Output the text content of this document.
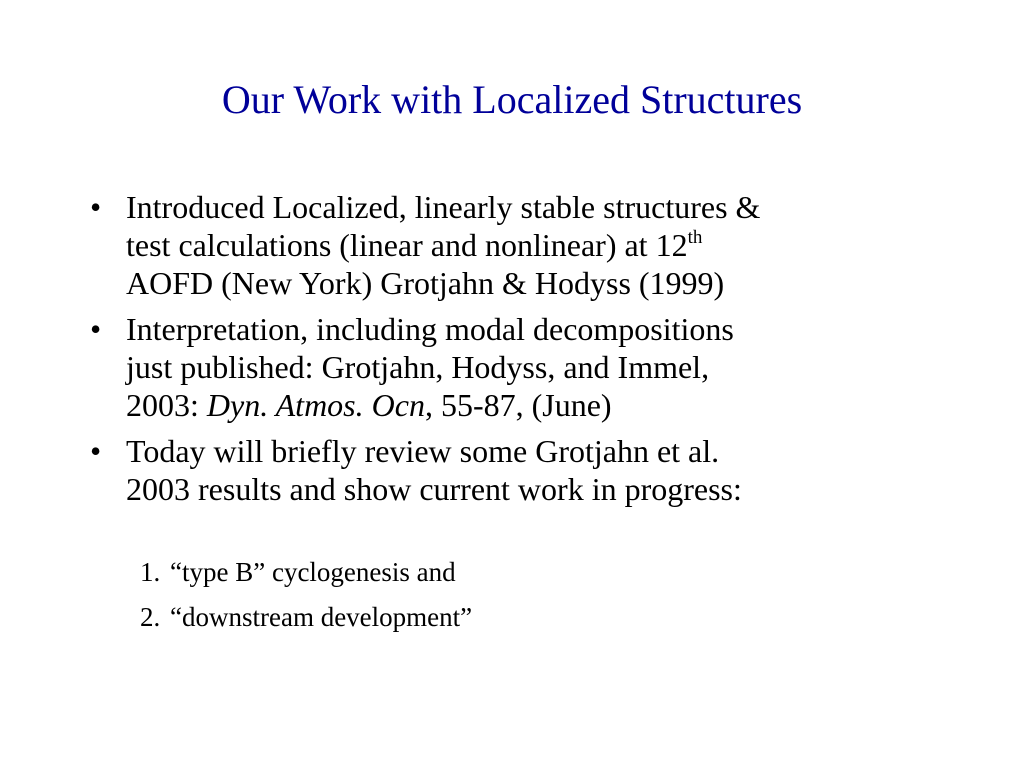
Our Work with Localized Structures
• Introduced Localized, linearly stable structures &
test calculations (linear and nonlinear) at 12th
AOFD (New York) Grotjahn & Hodyss (1999)
• Interpretation, including modal decompositions
just published: Grotjahn, Hodyss, and Immel,
2003: Dyn. Atmos. Ocn, 55-87, (June)
• Today will briefly review some Grotjahn et al.
2003 results and show current work in progress:
1. “type B” cyclogenesis and
2. “downstream development”
